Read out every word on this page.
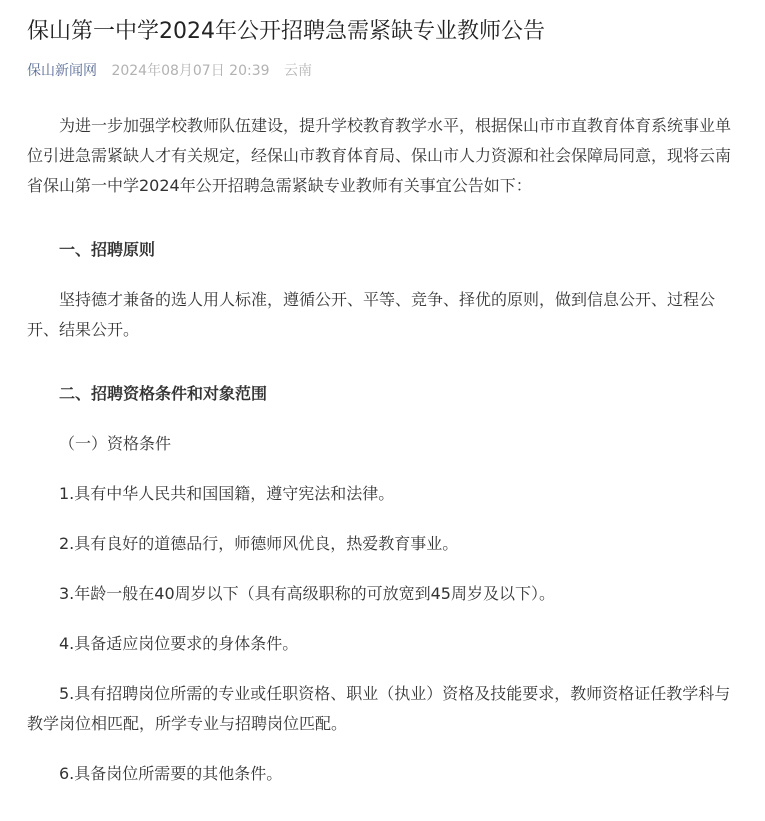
保山第一中学2024年公开招聘急需紧缺专业教师公告
保山新闻网 2024年08月07日 20:39 云南

为进一步加强学校教师队伍建设，提升学校教育教学水平，根据保山市市直教育体育系统事业单位引进急需紧缺人才有关规定，经保山市教育体育局、保山市人力资源和社会保障局同意，现将云南省保山第一中学2024年公开招聘急需紧缺专业教师有关事宜公告如下：

一、招聘原则

坚持德才兼备的选人用人标准，遵循公开、平等、竞争、择优的原则，做到信息公开、过程公开、结果公开。

二、招聘资格条件和对象范围

（一）资格条件

1.具有中华人民共和国国籍，遵守宪法和法律。

2.具有良好的道德品行，师德师风优良，热爱教育事业。

3.年龄一般在40周岁以下（具有高级职称的可放宽到45周岁及以下）。

4.具备适应岗位要求的身体条件。

5.具有招聘岗位所需的专业或任职资格、职业（执业）资格及技能要求，教师资格证任教学科与教学岗位相匹配，所学专业与招聘岗位匹配。

6.具备岗位所需要的其他条件。
